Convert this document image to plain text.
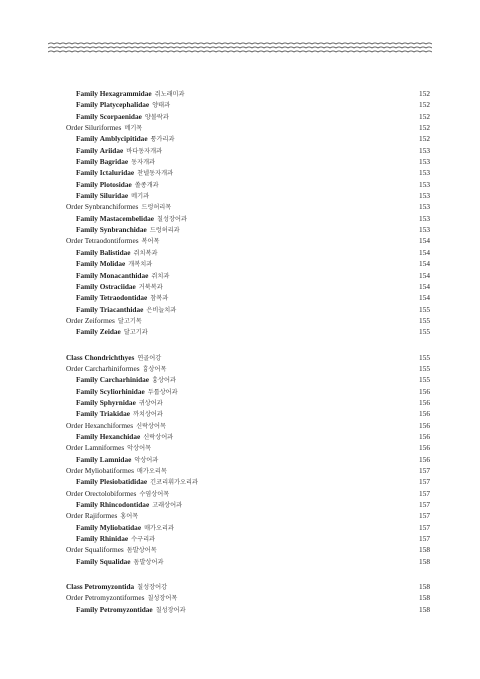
Family Hexagrammidae 쥐노래미과	152
Family Platycephalidae 양태과	152
Family Scorpaenidae 양볼락과	152
Order Siluriformes 메기목	152
Family Amblycipitidae 퉁가리과	152
Family Ariidae 바다동자개과	153
Family Bagridae 동자개과	153
Family Ictaluridae 찬넬동자개과	153
Family Plotosidae 쏠종개과	153
Family Siluridae 메기과	153
Order Synbranchiformes 드렁허리목	153
Family Mastacembelidae 칠성장어과	153
Family Synbranchidae 드렁허리과	153
Order Tetraodontiformes 복어목	154
Family Balistidae 쥐치복과	154
Family Molidae 개복치과	154
Family Monacanthidae 쥐치과	154
Family Ostraciidae 거북복과	154
Family Tetraodontidae 참복과	154
Family Triacanthidae 은비늘치과	155
Order Zeiformes 달고기목	155
Family Zeidae 달고기과	155
Class Chondrichthyes 연골어강	155
Order Carcharhiniformes 흉상어목	155
Family Carcharhinidae 흉상어과	155
Family Scyliorhinidae 두툽상어과	156
Family Sphyrnidae 귀상어과	156
Family Triakidae 까치상어과	156
Order Hexanchiformes 신락상어목	156
Family Hexanchidae 신락상어과	156
Order Lamniformes 악상어목	156
Family Lamnidae 악상어과	156
Order Myliobatiformes 매가오리목	157
Family Plesiobatididae 긴코리휘가오리과	157
Order Orectolobiformes 수염상어목	157
Family Rhincodontidae 고래상어과	157
Order Rajiformes 홍어목	157
Family Myliobatidae 매가오리과	157
Family Rhinidae 수구리과	157
Order Squaliformes 돔발상어목	158
Family Squalidae 돔발상어과	158
Class Petromyzontida 칠성장어강	158
Order Petromyzontiformes 칠성장어목	158
Family Petromyzontidae 칠성장어과	158
